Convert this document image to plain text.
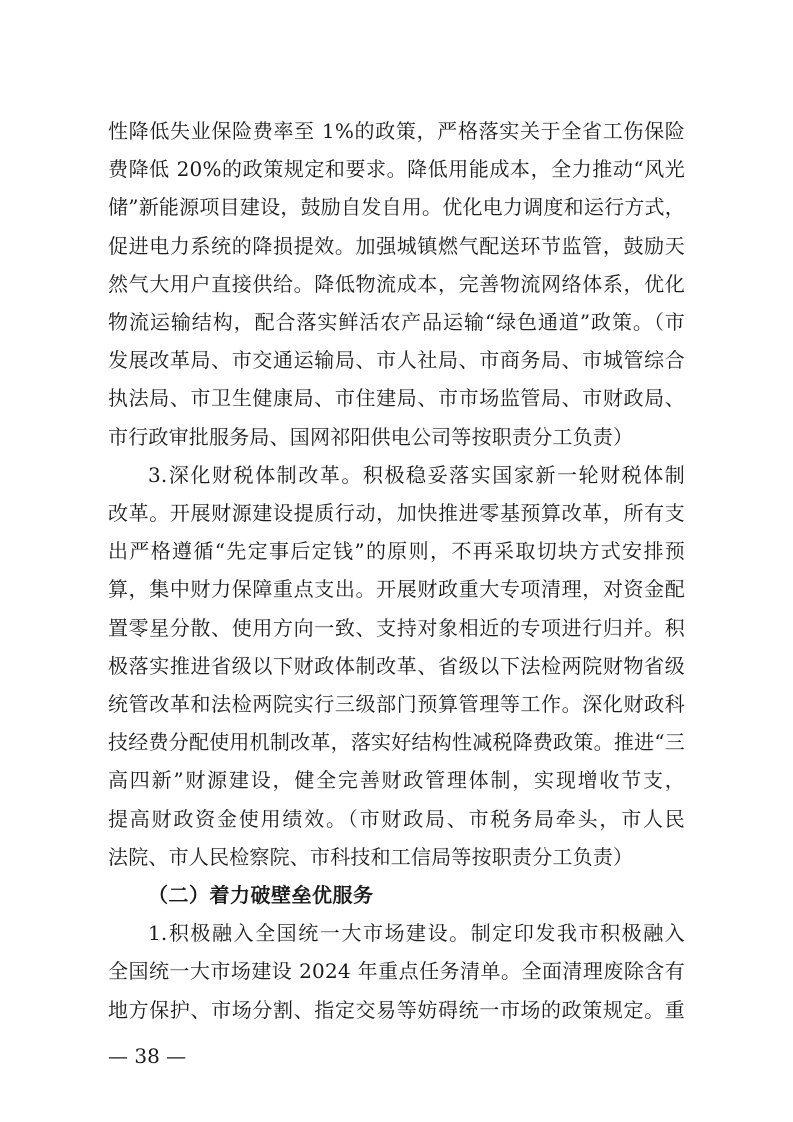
性降低失业保险费率至 1%的政策，严格落实关于全省工伤保险
费降低 20%的政策规定和要求。降低用能成本，全力推动“风光
储”新能源项目建设，鼓励自发自用。优化电力调度和运行方式，
促进电力系统的降损提效。加强城镇燃气配送环节监管，鼓励天
然气大用户直接供给。降低物流成本，完善物流网络体系，优化
物流运输结构，配合落实鲜活农产品运输“绿色通道”政策。（市
发展改革局、市交通运输局、市人社局、市商务局、市城管综合
执法局、市卫生健康局、市住建局、市市场监管局、市财政局、
市行政审批服务局、国网祁阳供电公司等按职责分工负责）
3.深化财税体制改革。积极稳妥落实国家新一轮财税体制
改革。开展财源建设提质行动，加快推进零基预算改革，所有支
出严格遵循“先定事后定钱”的原则，不再采取切块方式安排预
算，集中财力保障重点支出。开展财政重大专项清理，对资金配
置零星分散、使用方向一致、支持对象相近的专项进行归并。积
极落实推进省级以下财政体制改革、省级以下法检两院财物省级
统管改革和法检两院实行三级部门预算管理等工作。深化财政科
技经费分配使用机制改革，落实好结构性减税降费政策。推进“三
高四新”财源建设，健全完善财政管理体制，实现增收节支，
提高财政资金使用绩效。（市财政局、市税务局牵头，市人民
法院、市人民检察院、市科技和工信局等按职责分工负责）
（二）着力破壁垒优服务
1.积极融入全国统一大市场建设。制定印发我市积极融入
— 38 —
全国统一大市场建设 2024 年重点任务清单。全面清理废除含有
地方保护、市场分割、指定交易等妨碍统一市场的政策规定。重
